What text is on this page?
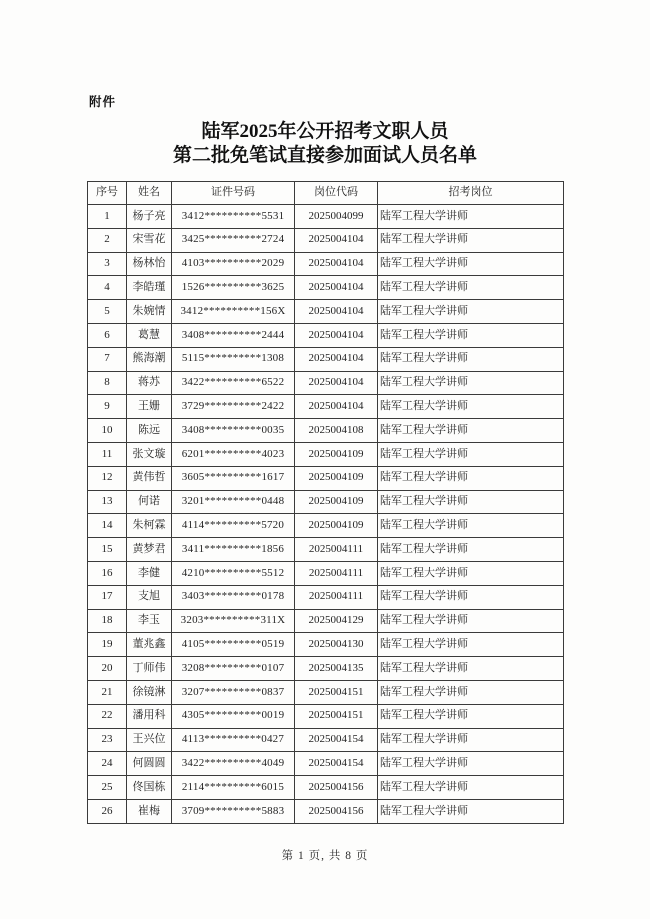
附件
陆军2025年公开招考文职人员
第二批免笔试直接参加面试人员名单
序号	姓名	证件号码	岗位代码	招考岗位
1	杨子亮	3412**********5531	2025004099	陆军工程大学讲师
2	宋雪花	3425**********2724	2025004104	陆军工程大学讲师
3	杨林怡	4103**********2029	2025004104	陆军工程大学讲师
4	李皓瑾	1526**********3625	2025004104	陆军工程大学讲师
5	朱婉情	3412**********156X	2025004104	陆军工程大学讲师
6	葛慧	3408**********2444	2025004104	陆军工程大学讲师
7	熊海潮	5115**********1308	2025004104	陆军工程大学讲师
8	蒋苏	3422**********6522	2025004104	陆军工程大学讲师
9	王姗	3729**********2422	2025004104	陆军工程大学讲师
10	陈远	3408**********0035	2025004108	陆军工程大学讲师
11	张文璇	6201**********4023	2025004109	陆军工程大学讲师
12	黄伟哲	3605**********1617	2025004109	陆军工程大学讲师
13	何诺	3201**********0448	2025004109	陆军工程大学讲师
14	朱柯霖	4114**********5720	2025004109	陆军工程大学讲师
15	黄梦君	3411**********1856	2025004111	陆军工程大学讲师
16	李健	4210**********5512	2025004111	陆军工程大学讲师
17	支旭	3403**********0178	2025004111	陆军工程大学讲师
18	李玉	3203**********311X	2025004129	陆军工程大学讲师
19	董兆鑫	4105**********0519	2025004130	陆军工程大学讲师
20	丁师伟	3208**********0107	2025004135	陆军工程大学讲师
21	徐镜淋	3207**********0837	2025004151	陆军工程大学讲师
22	潘用科	4305**********0019	2025004151	陆军工程大学讲师
23	王兴位	4113**********0427	2025004154	陆军工程大学讲师
24	何圆圆	3422**********4049	2025004154	陆军工程大学讲师
25	佟国栋	2114**********6015	2025004156	陆军工程大学讲师
26	崔梅	3709**********5883	2025004156	陆军工程大学讲师
第 1 页, 共 8 页
